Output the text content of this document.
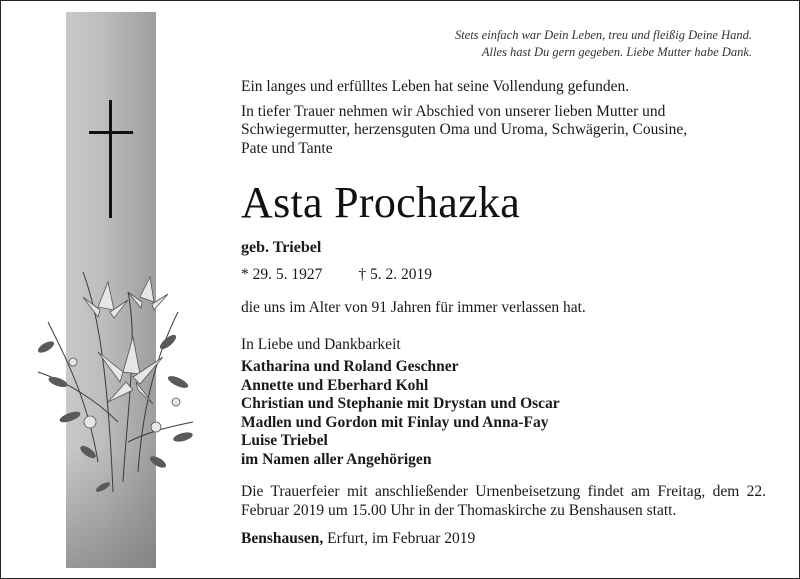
Stets einfach war Dein Leben, treu und fleißig Deine Hand.
Alles hast Du gern gegeben. Liebe Mutter habe Dank.

Ein langes und erfülltes Leben hat seine Vollendung gefunden.

In tiefer Trauer nehmen wir Abschied von unserer lieben Mutter und

Schwiegermutter, herzensguten Oma und Uroma, Schwägerin, Cousine,

Pate und Tante

Asta Prochazka
geb. Triebel
* 29. 5. 1927 † 5. 2. 2019

die uns im Alter von 91 Jahren für immer verlassen hat.

In Liebe und Dankbarkeit

Katharina und Roland Geschner
Annette und Eberhard Kohl
Christian und Stephanie mit Drystan und Oscar
Madlen und Gordon mit Finlay und Anna-Fay
Luise Triebel
im Namen aller Angehörigen

Die Trauerfeier mit anschließender Urnenbeisetzung findet am Freitag, dem 22. Februar 2019 um 15.00 Uhr in der Thomaskirche zu Benshausen statt.

Benshausen, Erfurt, im Februar 2019
